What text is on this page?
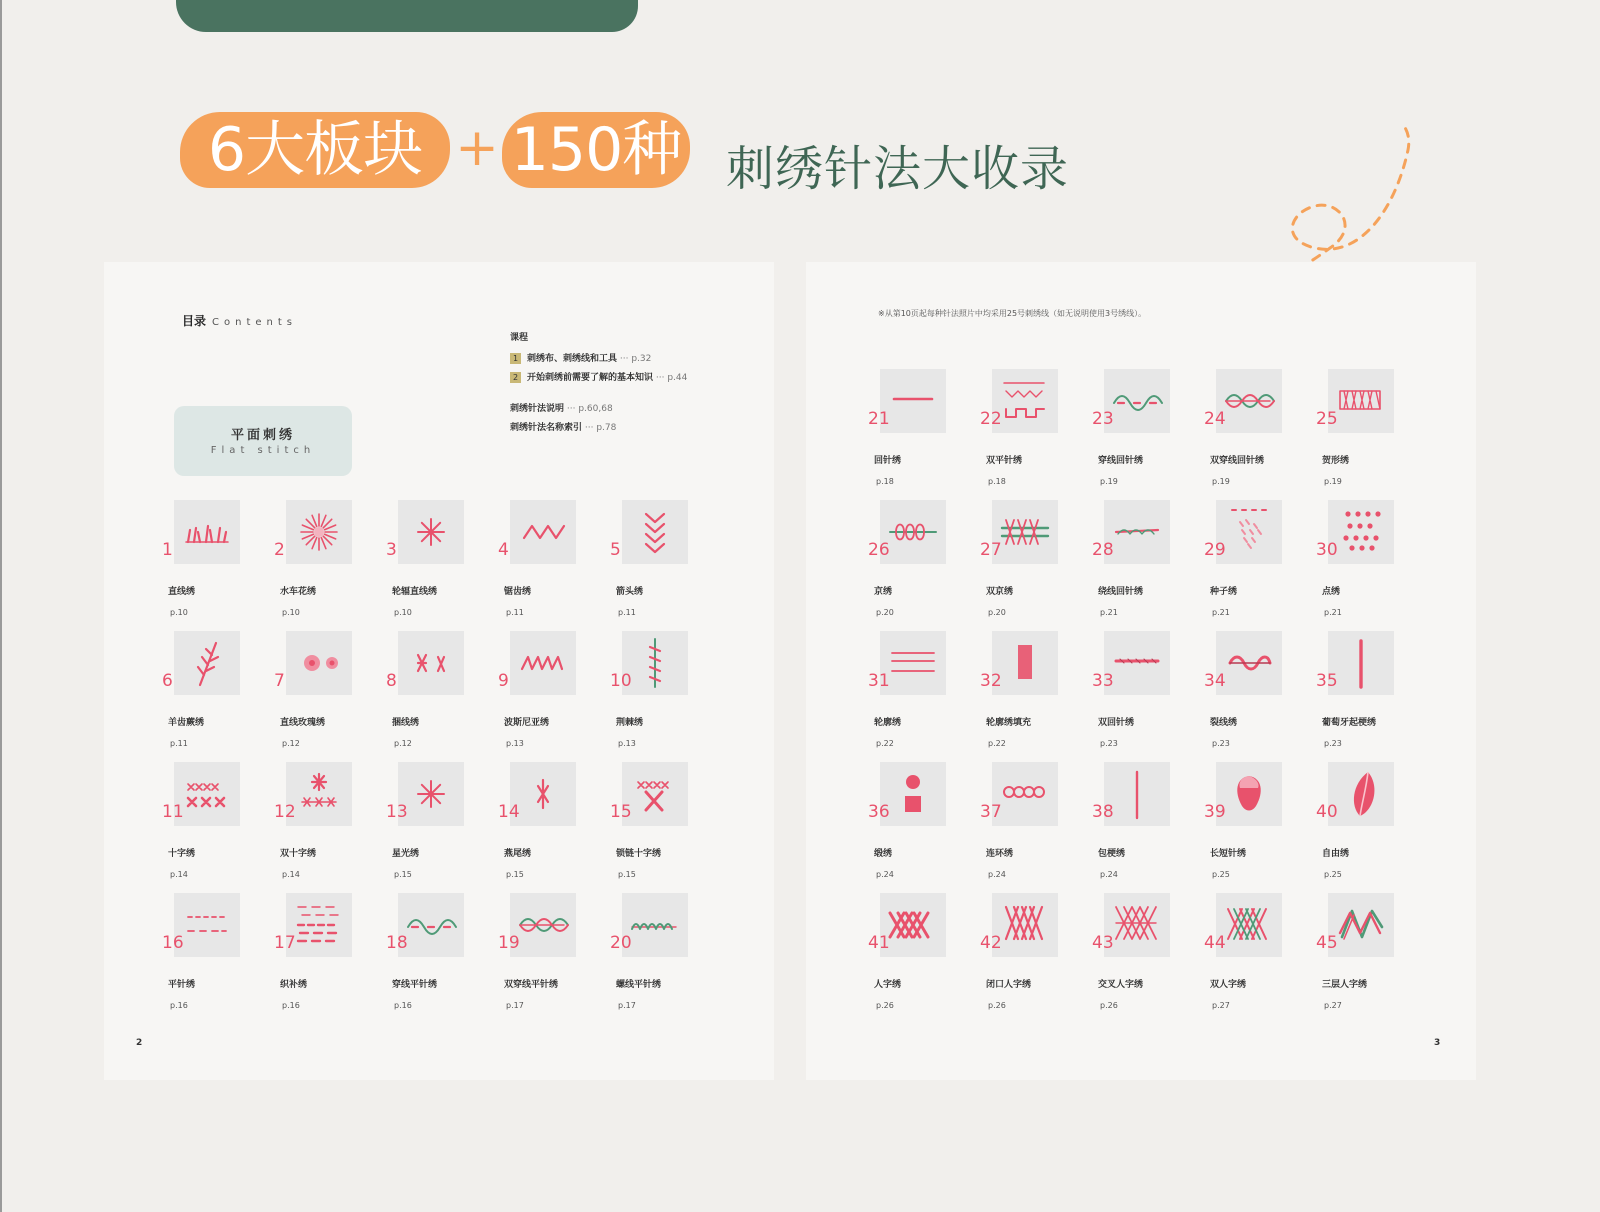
6大板块 + 150种 刺绣针法大收录
目录 Contents
课程
1 刺绣布、刺绣线和工具 ··· p.32
2 开始刺绣前需要了解的基本知识 ··· p.44
刺绣针法说明 ··· p.60,68
刺绣针法名称索引 ··· p.78
平面刺绣
Flat stitch
※从第10页起每种针法照片中均采用25号刺绣线（如无说明使用3号绣线）。
1
直线绣
p.10
2
水车花绣
p.10
3
轮辐直线绣
p.10
4
锯齿绣
p.11
5
箭头绣
p.11
6
羊齿蕨绣
p.11
7
直线玫瑰绣
p.12
8
捆线绣
p.12
9
波斯尼亚绣
p.13
10
荆棘绣
p.13
11
十字绣
p.14
12
双十字绣
p.14
13
星光绣
p.15
14
燕尾绣
p.15
15
锁链十字绣
p.15
16
平针绣
p.16
17
织补绣
p.16
18
穿线平针绣
p.16
19
双穿线平针绣
p.17
20
螺线平针绣
p.17
21
回针绣
p.18
22
双平针绣
p.18
23
穿线回针绣
p.19
24
双穿线回针绣
p.19
25
贺形绣
p.19
26
京绣
p.20
27
双京绣
p.20
28
绕线回针绣
p.21
29
种子绣
p.21
30
点绣
p.21
31
轮廓绣
p.22
32
轮廓绣填充
p.22
33
双回针绣
p.23
34
裂线绣
p.23
35
葡萄牙起梗绣
p.23
36
缎绣
p.24
37
连环绣
p.24
38
包梗绣
p.24
39
长短针绣
p.25
40
自由绣
p.25
41
人字绣
p.26
42
闭口人字绣
p.26
43
交叉人字绣
p.26
44
双人字绣
p.27
45
三层人字绣
p.27
2	3
